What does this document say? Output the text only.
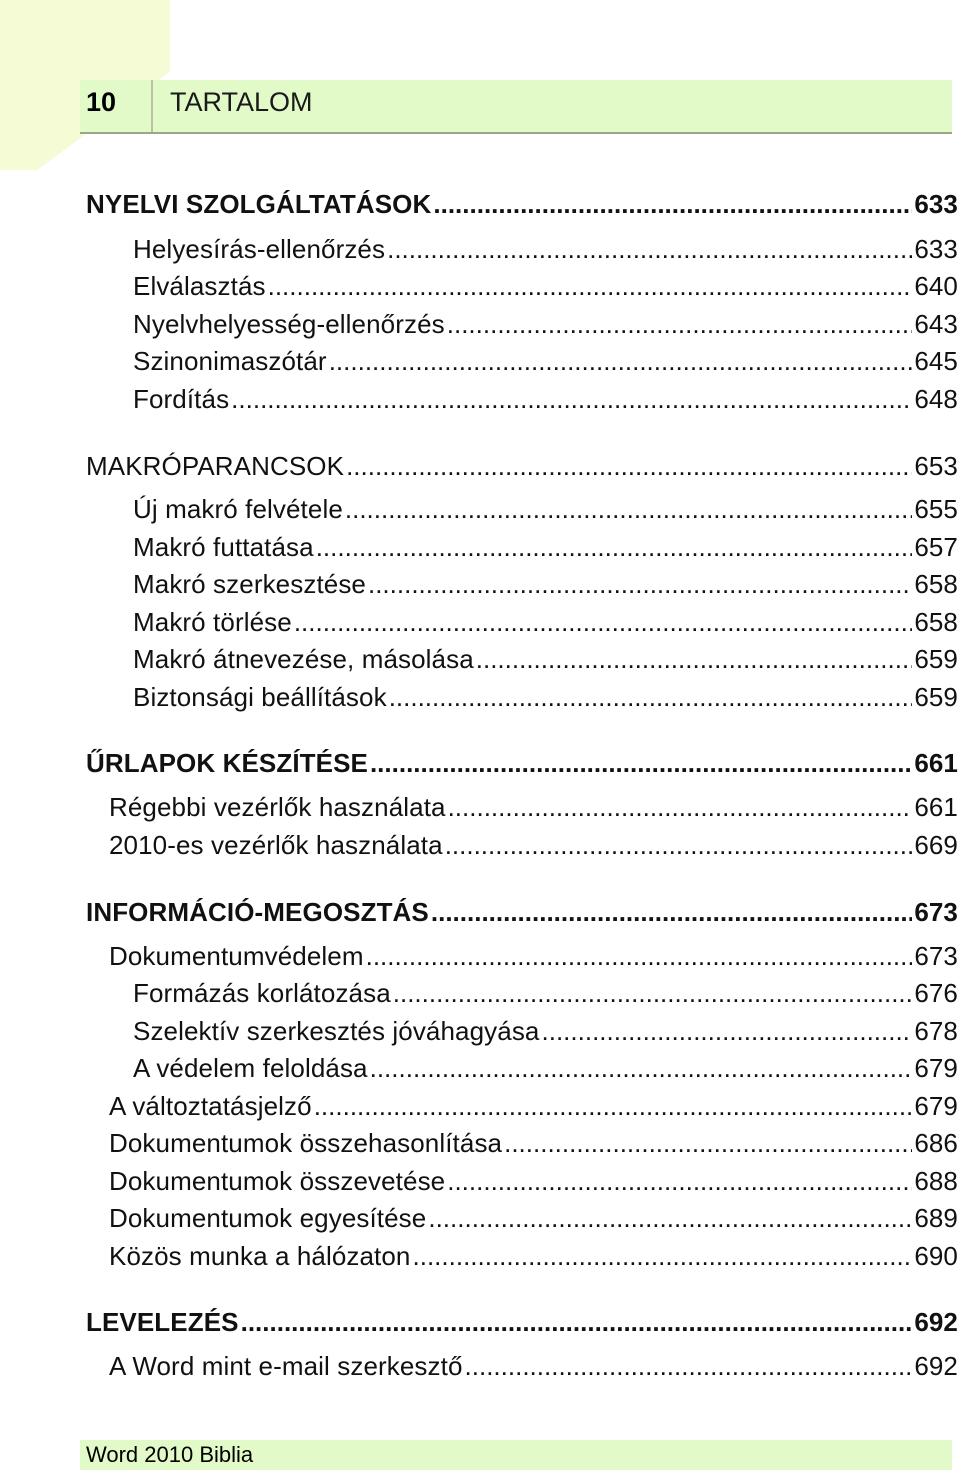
10 TARTALOM
NYELVI SZOLGÁLTATÁSOK .....	633
Helyesírás-ellenőrzés .....	633
Elválasztás .....	640
Nyelvhelyesség-ellenőrzés .....	643
Szinonimaszótár .....	645
Fordítás .....	648
MAKRÓPARANCSOK .....	653
Új makró felvétele .....	655
Makró futtatása .....	657
Makró szerkesztése .....	658
Makró törlése .....	658
Makró átnevezése, másolása .....	659
Biztonsági beállítások .....	659
ŰRLAPOK KÉSZÍTÉSE .....	661
Régebbi vezérlők használata .....	661
2010-es vezérlők használata .....	669
INFORMÁCIÓ-MEGOSZTÁS .....	673
Dokumentumvédelem .....	673
Formázás korlátozása .....	676
Szelektív szerkesztés jóváhagyása .....	678
A védelem feloldása .....	679
A változtatásjelző .....	679
Dokumentumok összehasonlítása .....	686
Dokumentumok összevetése .....	688
Dokumentumok egyesítése .....	689
Közös munka a hálózaton .....	690
LEVELEZÉS .....	692
A Word mint e-mail szerkesztő .....	692
Word 2010 Biblia
